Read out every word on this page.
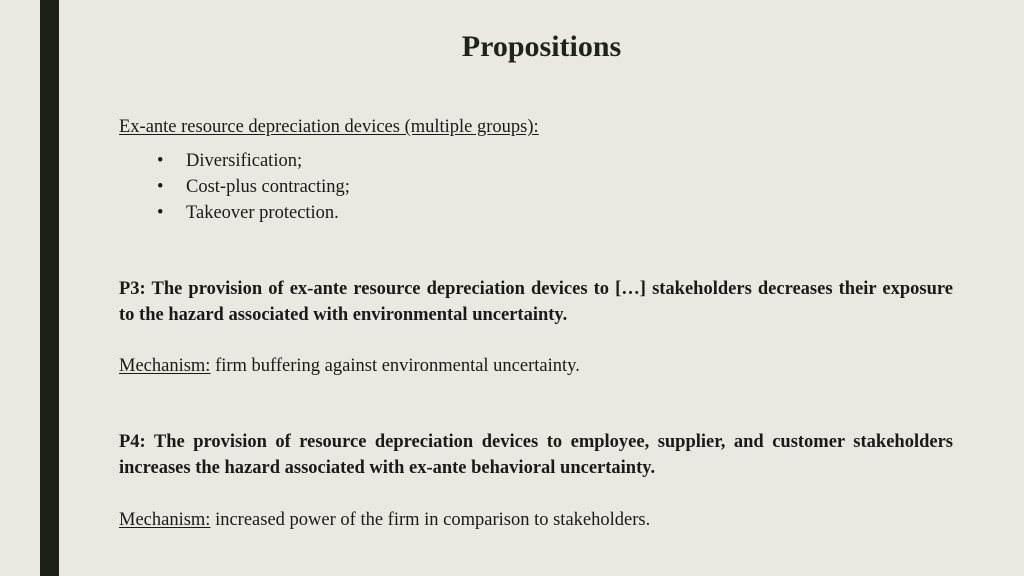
Propositions
Ex-ante resource depreciation devices (multiple groups):
• Diversification;
• Cost-plus contracting;
• Takeover protection.
P3: The provision of ex-ante resource depreciation devices to […] stakeholders decreases their exposure to the hazard associated with environmental uncertainty.
Mechanism: firm buffering against environmental uncertainty.
P4: The provision of resource depreciation devices to employee, supplier, and customer stakeholders increases the hazard associated with ex-ante behavioral uncertainty.
Mechanism: increased power of the firm in comparison to stakeholders.
